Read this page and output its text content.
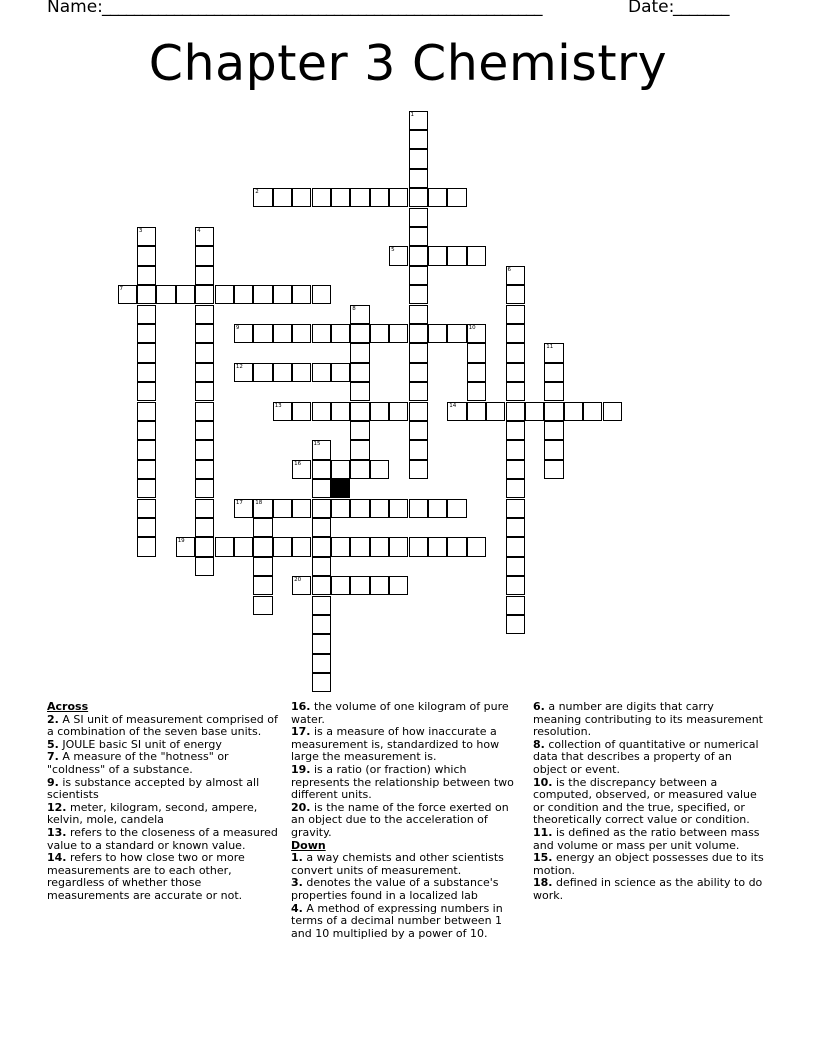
Name: _______________________________________________________	Date:
_______
Chapter 3 Chemistry
1
2
3	4
5
6
7
8
9	10
11
12
13	14
15
16
17 18
19
20
Across
2. A SI unit of measurement comprised of a combination of the seven base units.
5. JOULE basic SI unit of energy
7. A measure of the "hotness" or "coldness" of a substance.
9. is substance accepted by almost all scientists
12. meter, kilogram, second, ampere, kelvin, mole, candela
13. refers to the closeness of a measured value to a standard or known value.
14. refers to how close two or more measurements are to each other, regardless of whether those measurements are accurate or not.
16. the volume of one kilogram of pure water.
17. is a measure of how inaccurate a measurement is, standardized to how large the measurement is.
19. is a ratio (or fraction) which represents the relationship between two different units.
20. is the name of the force exerted on an object due to the acceleration of gravity.
Down
1. a way chemists and other scientists convert units of measurement.
3. denotes the value of a substance's properties found in a localized lab
4. A method of expressing numbers in terms of a decimal number between 1 and 10 multiplied by a power of 10.
6. a number are digits that carry meaning contributing to its measurement resolution.
8. collection of quantitative or numerical data that describes a property of an object or event.
10. is the discrepancy between a computed, observed, or measured value or condition and the true, specified, or theoretically correct value or condition.
11. is defined as the ratio between mass and volume or mass per unit volume.
15. energy an object possesses due to its motion.
18. defined in science as the ability to do work.
